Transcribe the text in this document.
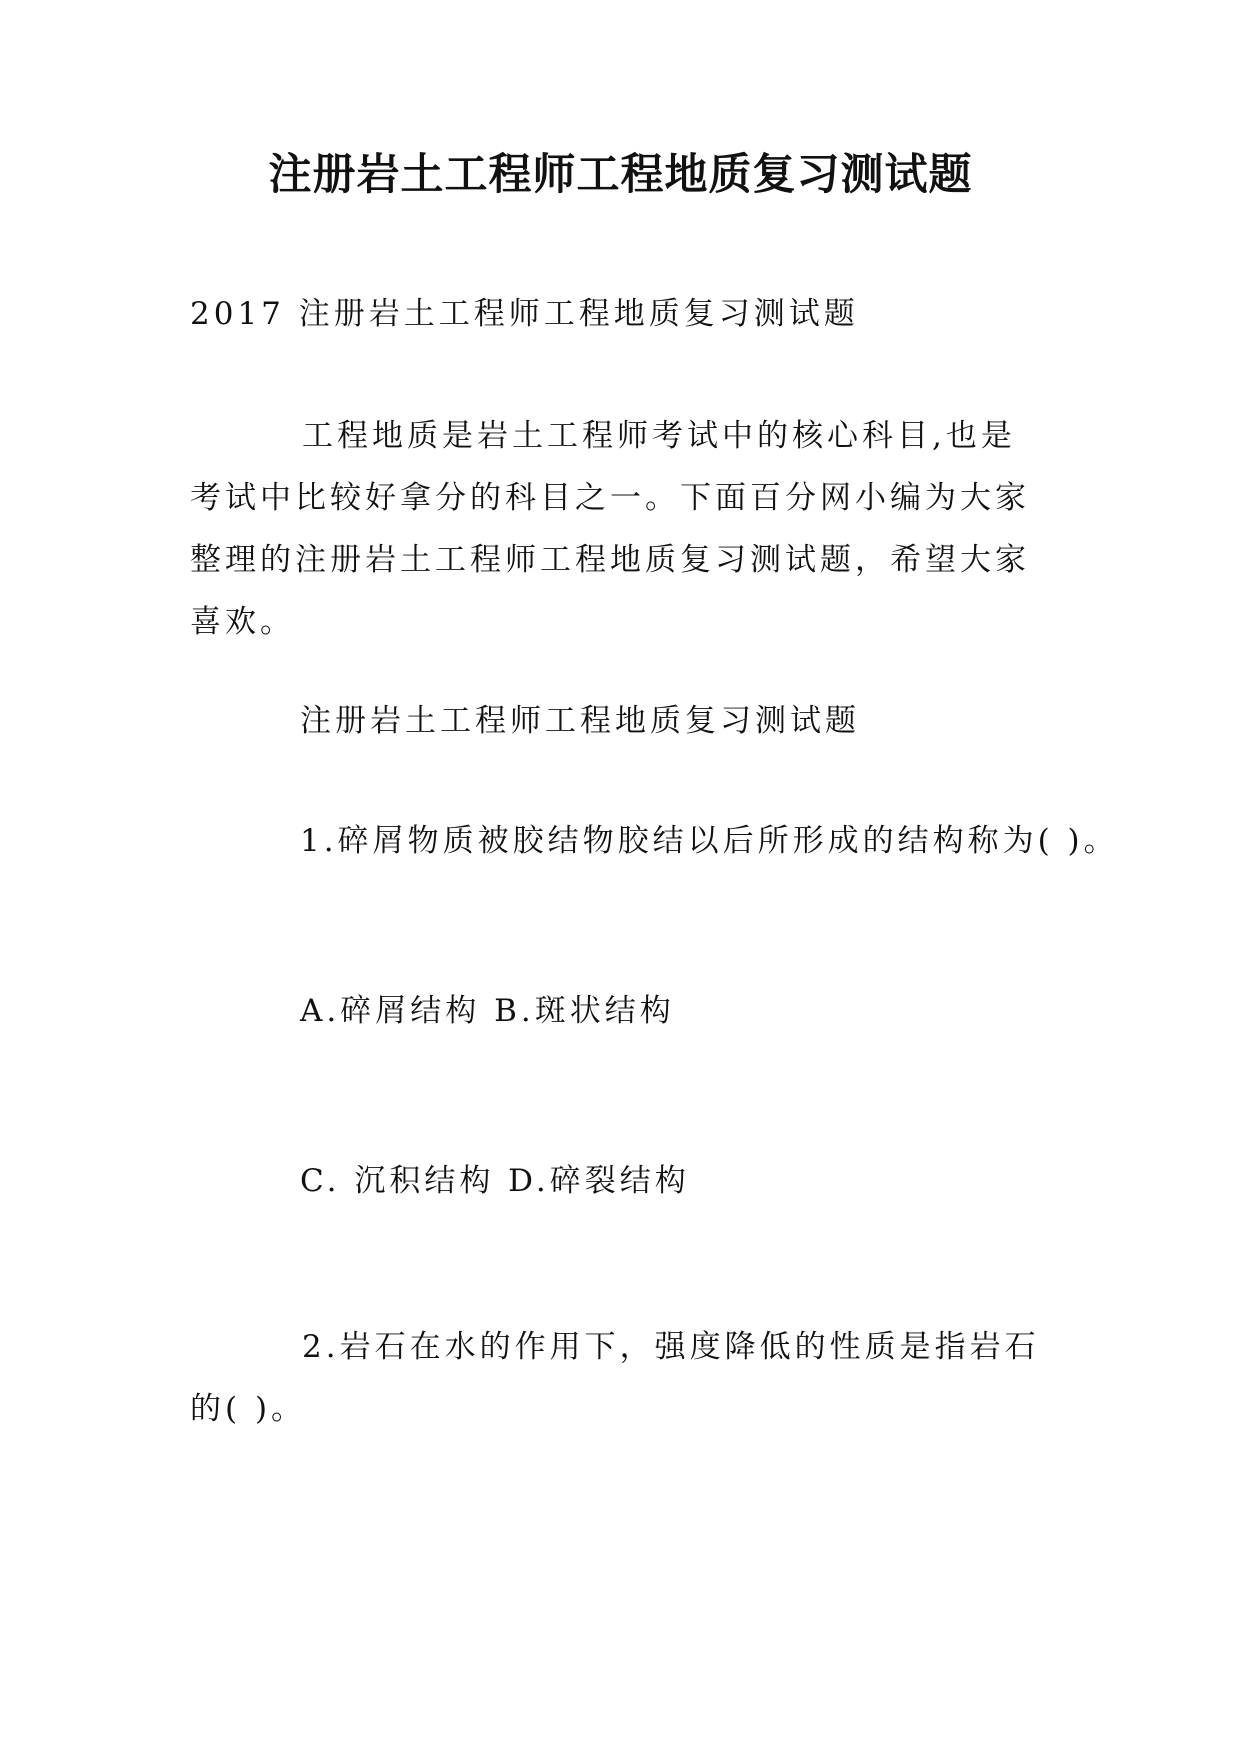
注册岩土工程师工程地质复习测试题

2017 注册岩土工程师工程地质复习测试题

工程地质是岩土工程师考试中的核心科目,也是考试中比较好拿分的科目之一。下面百分网小编为大家整理的注册岩土工程师工程地质复习测试题，希望大家喜欢。

注册岩土工程师工程地质复习测试题

1.碎屑物质被胶结物胶结以后所形成的结构称为( )。

A.碎屑结构 B.斑状结构

C. 沉积结构 D.碎裂结构

2.岩石在水的作用下，强度降低的性质是指岩石的( )。
